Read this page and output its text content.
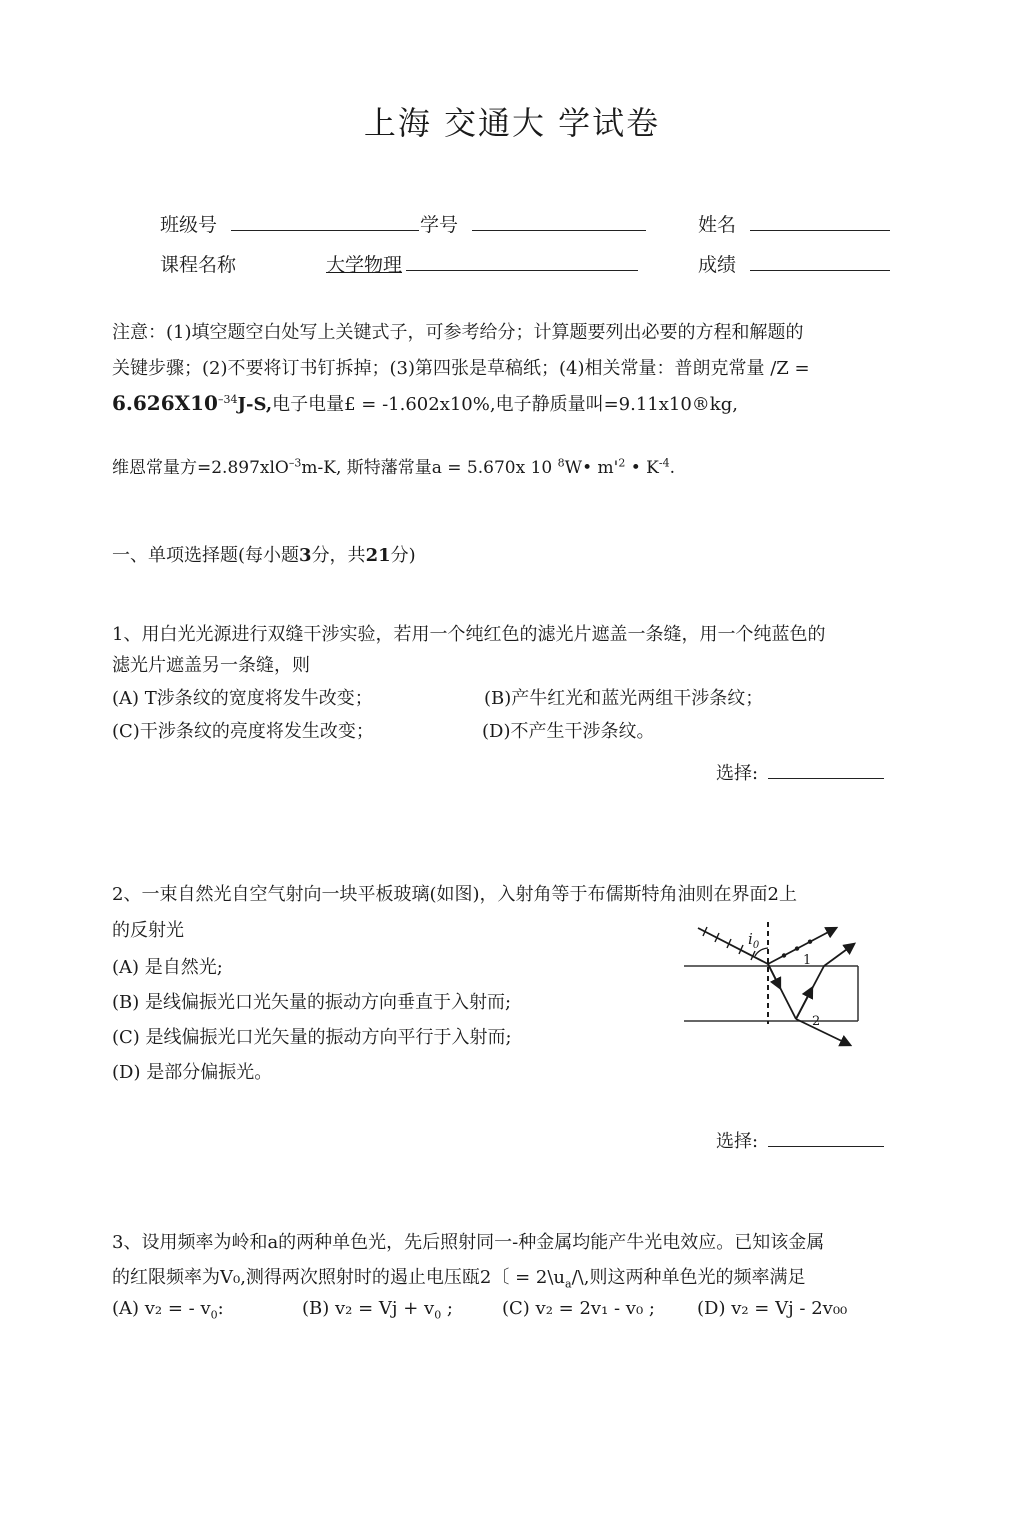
上海 交通大 学试卷
班级号	学号	姓名
课程名称	大学物理	成绩
注意：(1)填空题空白处写上关键式子，可参考给分；计算题要列出必要的方程和解题的
关键步骤；(2)不要将订书钉拆掉；(3)第四张是草稿纸；(4)相关常量：普朗克常量 /Z =
$6.626X10^{-34}J-S$,电子电量£ = -1.602x10%,电子静质量叫=9.11x10®kg,
维恩常量方=2.897xlO$^{-3}$m-K, 斯特藩常量a = 5.670x 10 $^8$W• $m'^2$ • $K^{-4}$.
一、单项选择题(每小题3分，共21分)
1、用白光光源进行双缝干涉实验，若用一个纯红色的滤光片遮盖一条缝，用一个纯蓝色的
滤光片遮盖另一条缝，则
(A) T涉条纹的宽度将发牛改变；	(B)产牛红光和蓝光两组干涉条纹；
(C)干涉条纹的亮度将发生改变；	(D)不产生干涉条纹。
选择:
2、一束自然光自空气射向一块平板玻璃(如图)，入射角等于布儒斯特角油则在界面2上
的反射光
(A) 是自然光;
(B) 是线偏振光口光矢量的振动方向垂直于入射而;
(C) 是线偏振光口光矢量的振动方向平行于入射而;
(D) 是部分偏振光。
$i_0$
1
2
选择:
3、设用频率为岭和a的两种单色光，先后照射同一-种金属均能产牛光电效应。已知该金属
的红限频率为V₀,测得两次照射时的遏止电压瓯2〔 = $2\backslash u_a/\backslash$,则这两种单色光的频率满足
(A) v₂ = - $v_0$:	(B) $v_2 = Vj + v_0$ ;	(C) v₂ = 2v₁ - v₀ ; (D) v₂ = Vj - 2v₀₀
